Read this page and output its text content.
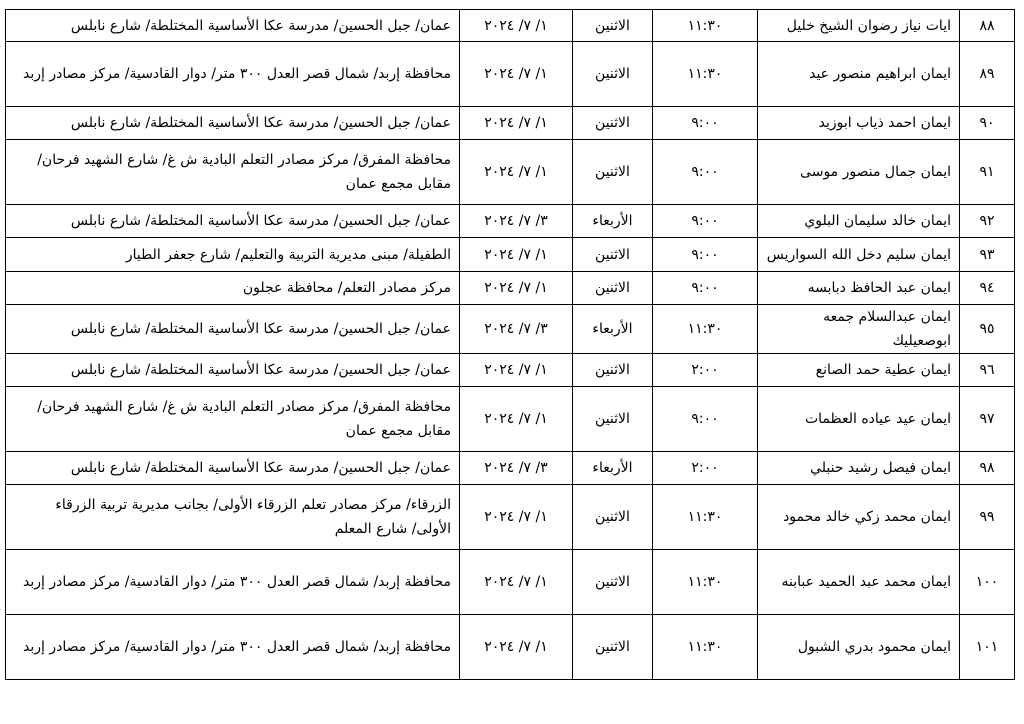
٨٨	ايات نياز رضوان الشيخ خليل	١١:٣٠	الاثنين	١/ ٧/ ٢٠٢٤	عمان/ جبل الحسين/ مدرسة عكا الأساسية المختلطة/ شارع نابلس

٨٩	ايمان ابراهيم منصور عيد	١١:٣٠	الاثنين	١/ ٧/ ٢٠٢٤	محافظة إربد/ شمال قصر العدل ٣٠٠ متر/ دوار القادسية/ مركز مصادر إربد

٩٠	ايمان احمد ذياب ابوزيد	٩:٠٠	الاثنين	١/ ٧/ ٢٠٢٤	عمان/ جبل الحسين/ مدرسة عكا الأساسية المختلطة/ شارع نابلس

٩١	ايمان جمال منصور موسى	٩:٠٠	الاثنين	١/ ٧/ ٢٠٢٤	محافظة المفرق/ مركز مصادر التعلم البادية ش غ/ شارع الشهيد فرحان/ مقابل مجمع عمان

٩٢	ايمان خالد سليمان البلوي	٩:٠٠	الأربعاء	٣/ ٧/ ٢٠٢٤	عمان/ جبل الحسين/ مدرسة عكا الأساسية المختلطة/ شارع نابلس

٩٣	ايمان سليم دخل الله السواريس	٩:٠٠	الاثنين	١/ ٧/ ٢٠٢٤	الطفيلة/ مبنى مديرية التربية والتعليم/ شارع جعفر الطيار

٩٤	ايمان عبد الحافظ دبابسه	٩:٠٠	الاثنين	١/ ٧/ ٢٠٢٤	مركز مصادر التعلم/ محافظة عجلون

٩٥	ايمان عبدالسلام جمعه ابوصعيليك	١١:٣٠	الأربعاء	٣/ ٧/ ٢٠٢٤	عمان/ جبل الحسين/ مدرسة عكا الأساسية المختلطة/ شارع نابلس

٩٦	ايمان عطية حمد الصانع	٢:٠٠	الاثنين	١/ ٧/ ٢٠٢٤	عمان/ جبل الحسين/ مدرسة عكا الأساسية المختلطة/ شارع نابلس

٩٧	ايمان عيد عياده العظمات	٩:٠٠	الاثنين	١/ ٧/ ٢٠٢٤	محافظة المفرق/ مركز مصادر التعلم البادية ش غ/ شارع الشهيد فرحان/ مقابل مجمع عمان

٩٨	ايمان فيصل رشيد حنبلي	٢:٠٠	الأربعاء	٣/ ٧/ ٢٠٢٤	عمان/ جبل الحسين/ مدرسة عكا الأساسية المختلطة/ شارع نابلس

٩٩	ايمان محمد زكي خالد محمود	١١:٣٠	الاثنين	١/ ٧/ ٢٠٢٤	الزرقاء/ مركز مصادر تعلم الزرقاء الأولى/ بجانب مديرية تربية الزرقاء الأولى/ شارع المعلم

١٠٠	ايمان محمد عبد الحميد عبابنه	١١:٣٠	الاثنين	١/ ٧/ ٢٠٢٤	محافظة إربد/ شمال قصر العدل ٣٠٠ متر/ دوار القادسية/ مركز مصادر إربد

١٠١	ايمان محمود بدري الشبول	١١:٣٠	الاثنين	١/ ٧/ ٢٠٢٤	محافظة إربد/ شمال قصر العدل ٣٠٠ متر/ دوار القادسية/ مركز مصادر إربد
